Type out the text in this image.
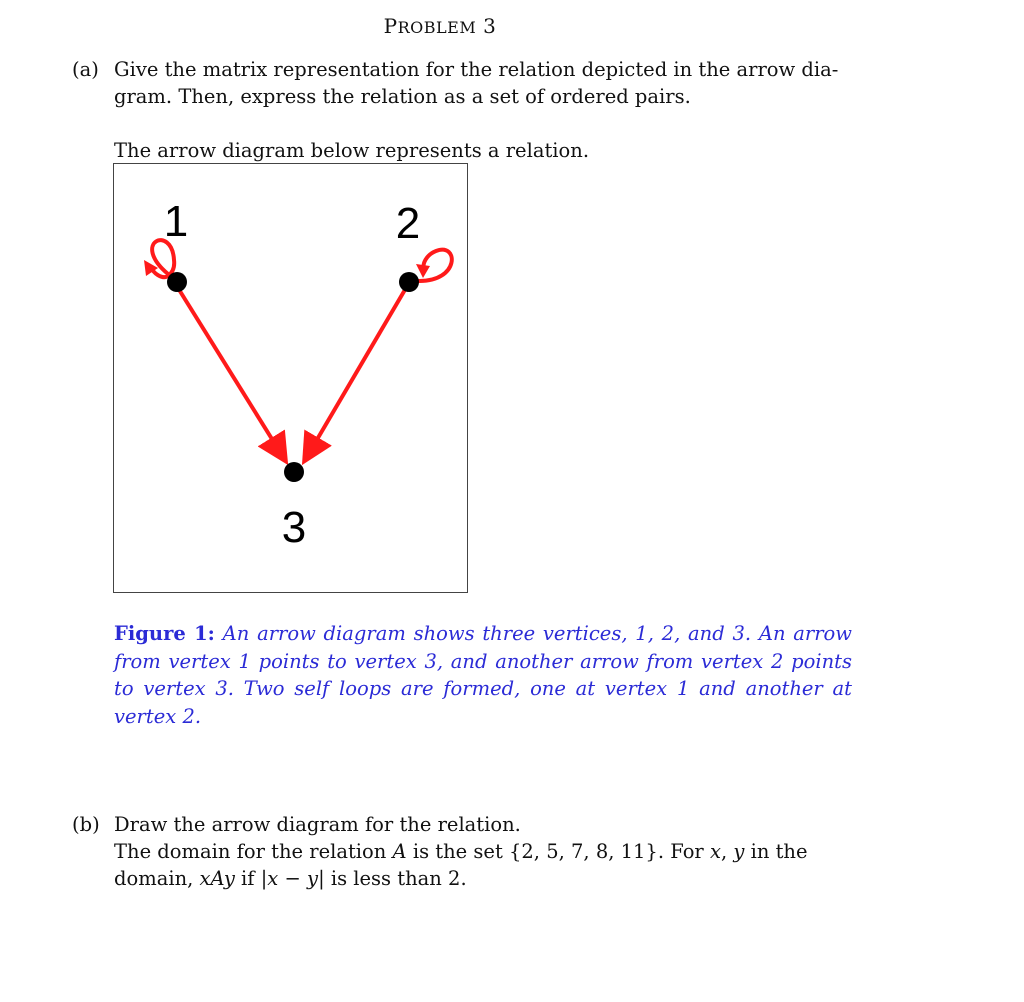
PROBLEM 3
(a) Give the matrix representation for the relation depicted in the arrow dia-
gram. Then, express the relation as a set of ordered pairs.
The arrow diagram below represents a relation.
1	2
3
Figure 1: An arrow diagram shows three vertices, 1, 2, and 3. An arrow from vertex 1 points to vertex 3, and another arrow from vertex 2 points to vertex 3. Two self loops are formed, one at vertex 1 and another at vertex 2.
(b) Draw the arrow diagram for the relation.
The domain for the relation A is the set {2, 5, 7, 8, 11}. For x, y in the
domain, xAy if |x − y| is less than 2.
